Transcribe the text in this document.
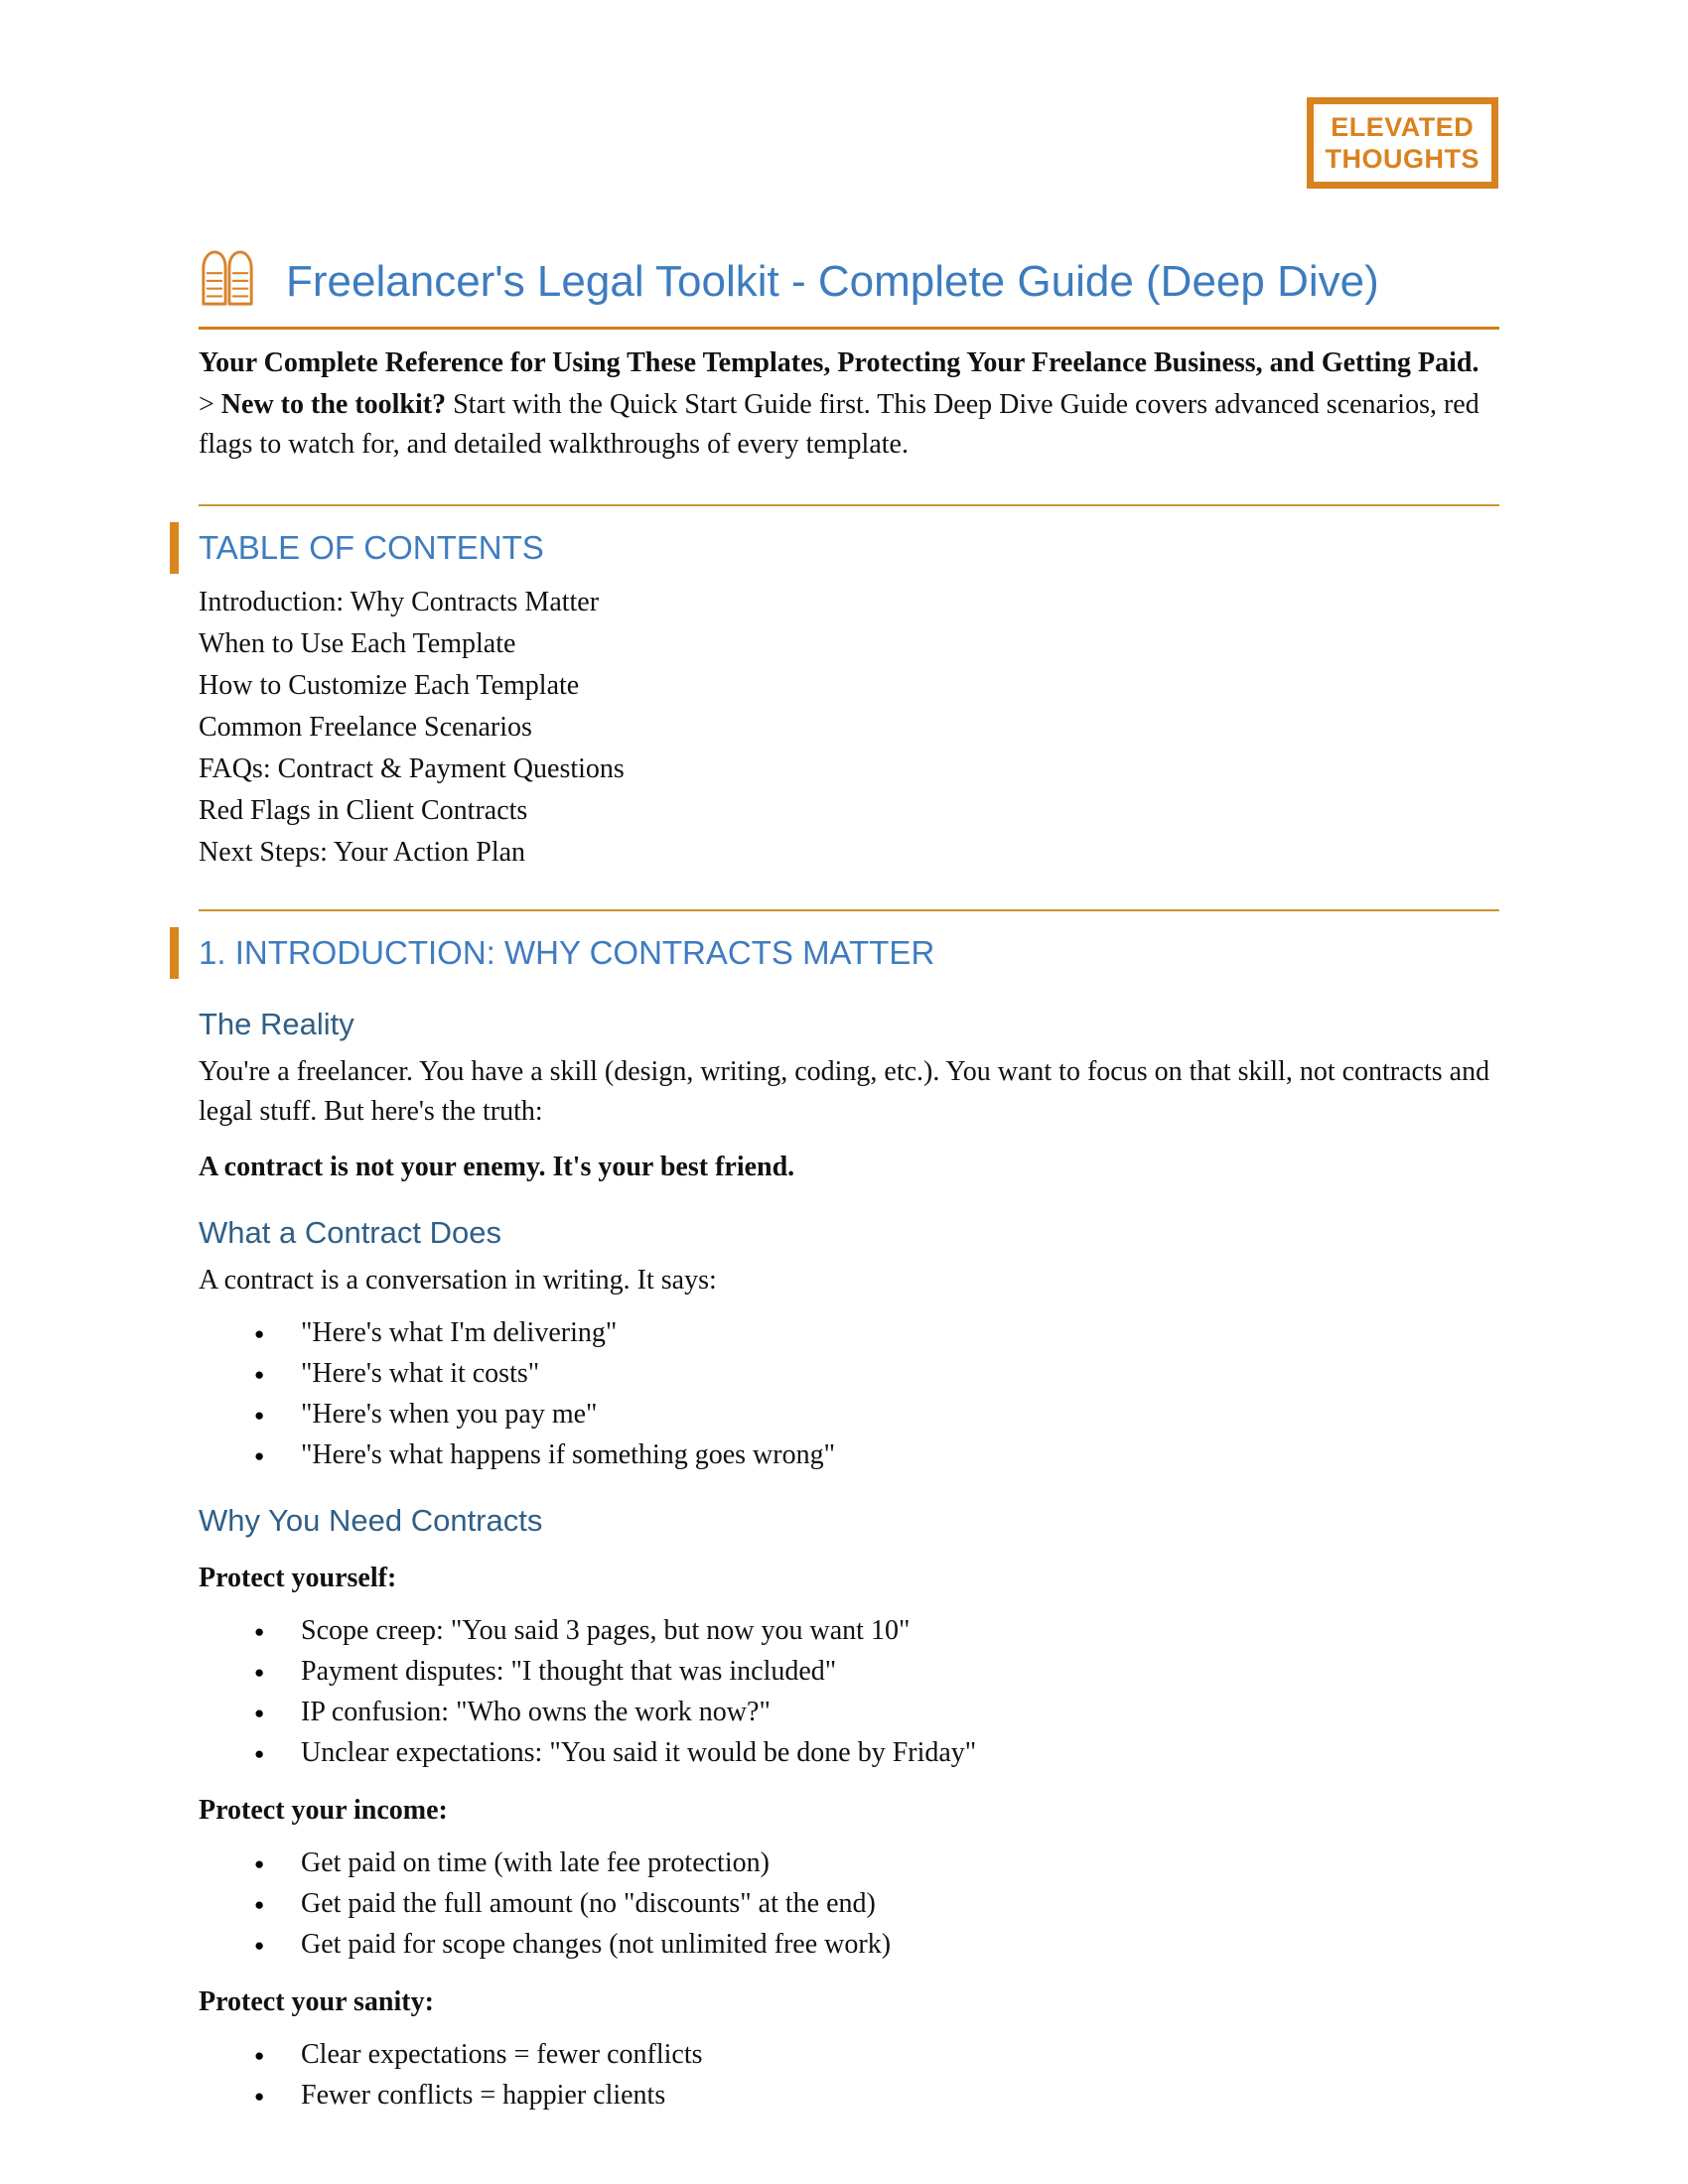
ELEVATED
THOUGHTS
Freelancer's Legal Toolkit - Complete Guide (Deep Dive)

Your Complete Reference for Using These Templates, Protecting Your Freelance Business, and Getting Paid.

> New to the toolkit? Start with the Quick Start Guide first. This Deep Dive Guide covers advanced scenarios, red flags to watch for, and detailed walkthroughs of every template.

TABLE OF CONTENTS

Introduction: Why Contracts Matter

When to Use Each Template

How to Customize Each Template

Common Freelance Scenarios

FAQs: Contract & Payment Questions

Red Flags in Client Contracts

Next Steps: Your Action Plan

1. INTRODUCTION: WHY CONTRACTS MATTER
The Reality

You're a freelancer. You have a skill (design, writing, coding, etc.). You want to focus on that skill, not contracts and legal stuff. But here's the truth:

A contract is not your enemy. It's your best friend.

What a Contract Does

A contract is a conversation in writing. It says:

● "Here's what I'm delivering"
● "Here's what it costs"
● "Here's when you pay me"
● "Here's what happens if something goes wrong"
Why You Need Contracts

Protect yourself:

● Scope creep: "You said 3 pages, but now you want 10"
● Payment disputes: "I thought that was included"
● IP confusion: "Who owns the work now?"
● Unclear expectations: "You said it would be done by Friday"

Protect your income:

● Get paid on time (with late fee protection)
● Get paid the full amount (no "discounts" at the end)
● Get paid for scope changes (not unlimited free work)

Protect your sanity:

● Clear expectations = fewer conflicts
● Fewer conflicts = happier clients
